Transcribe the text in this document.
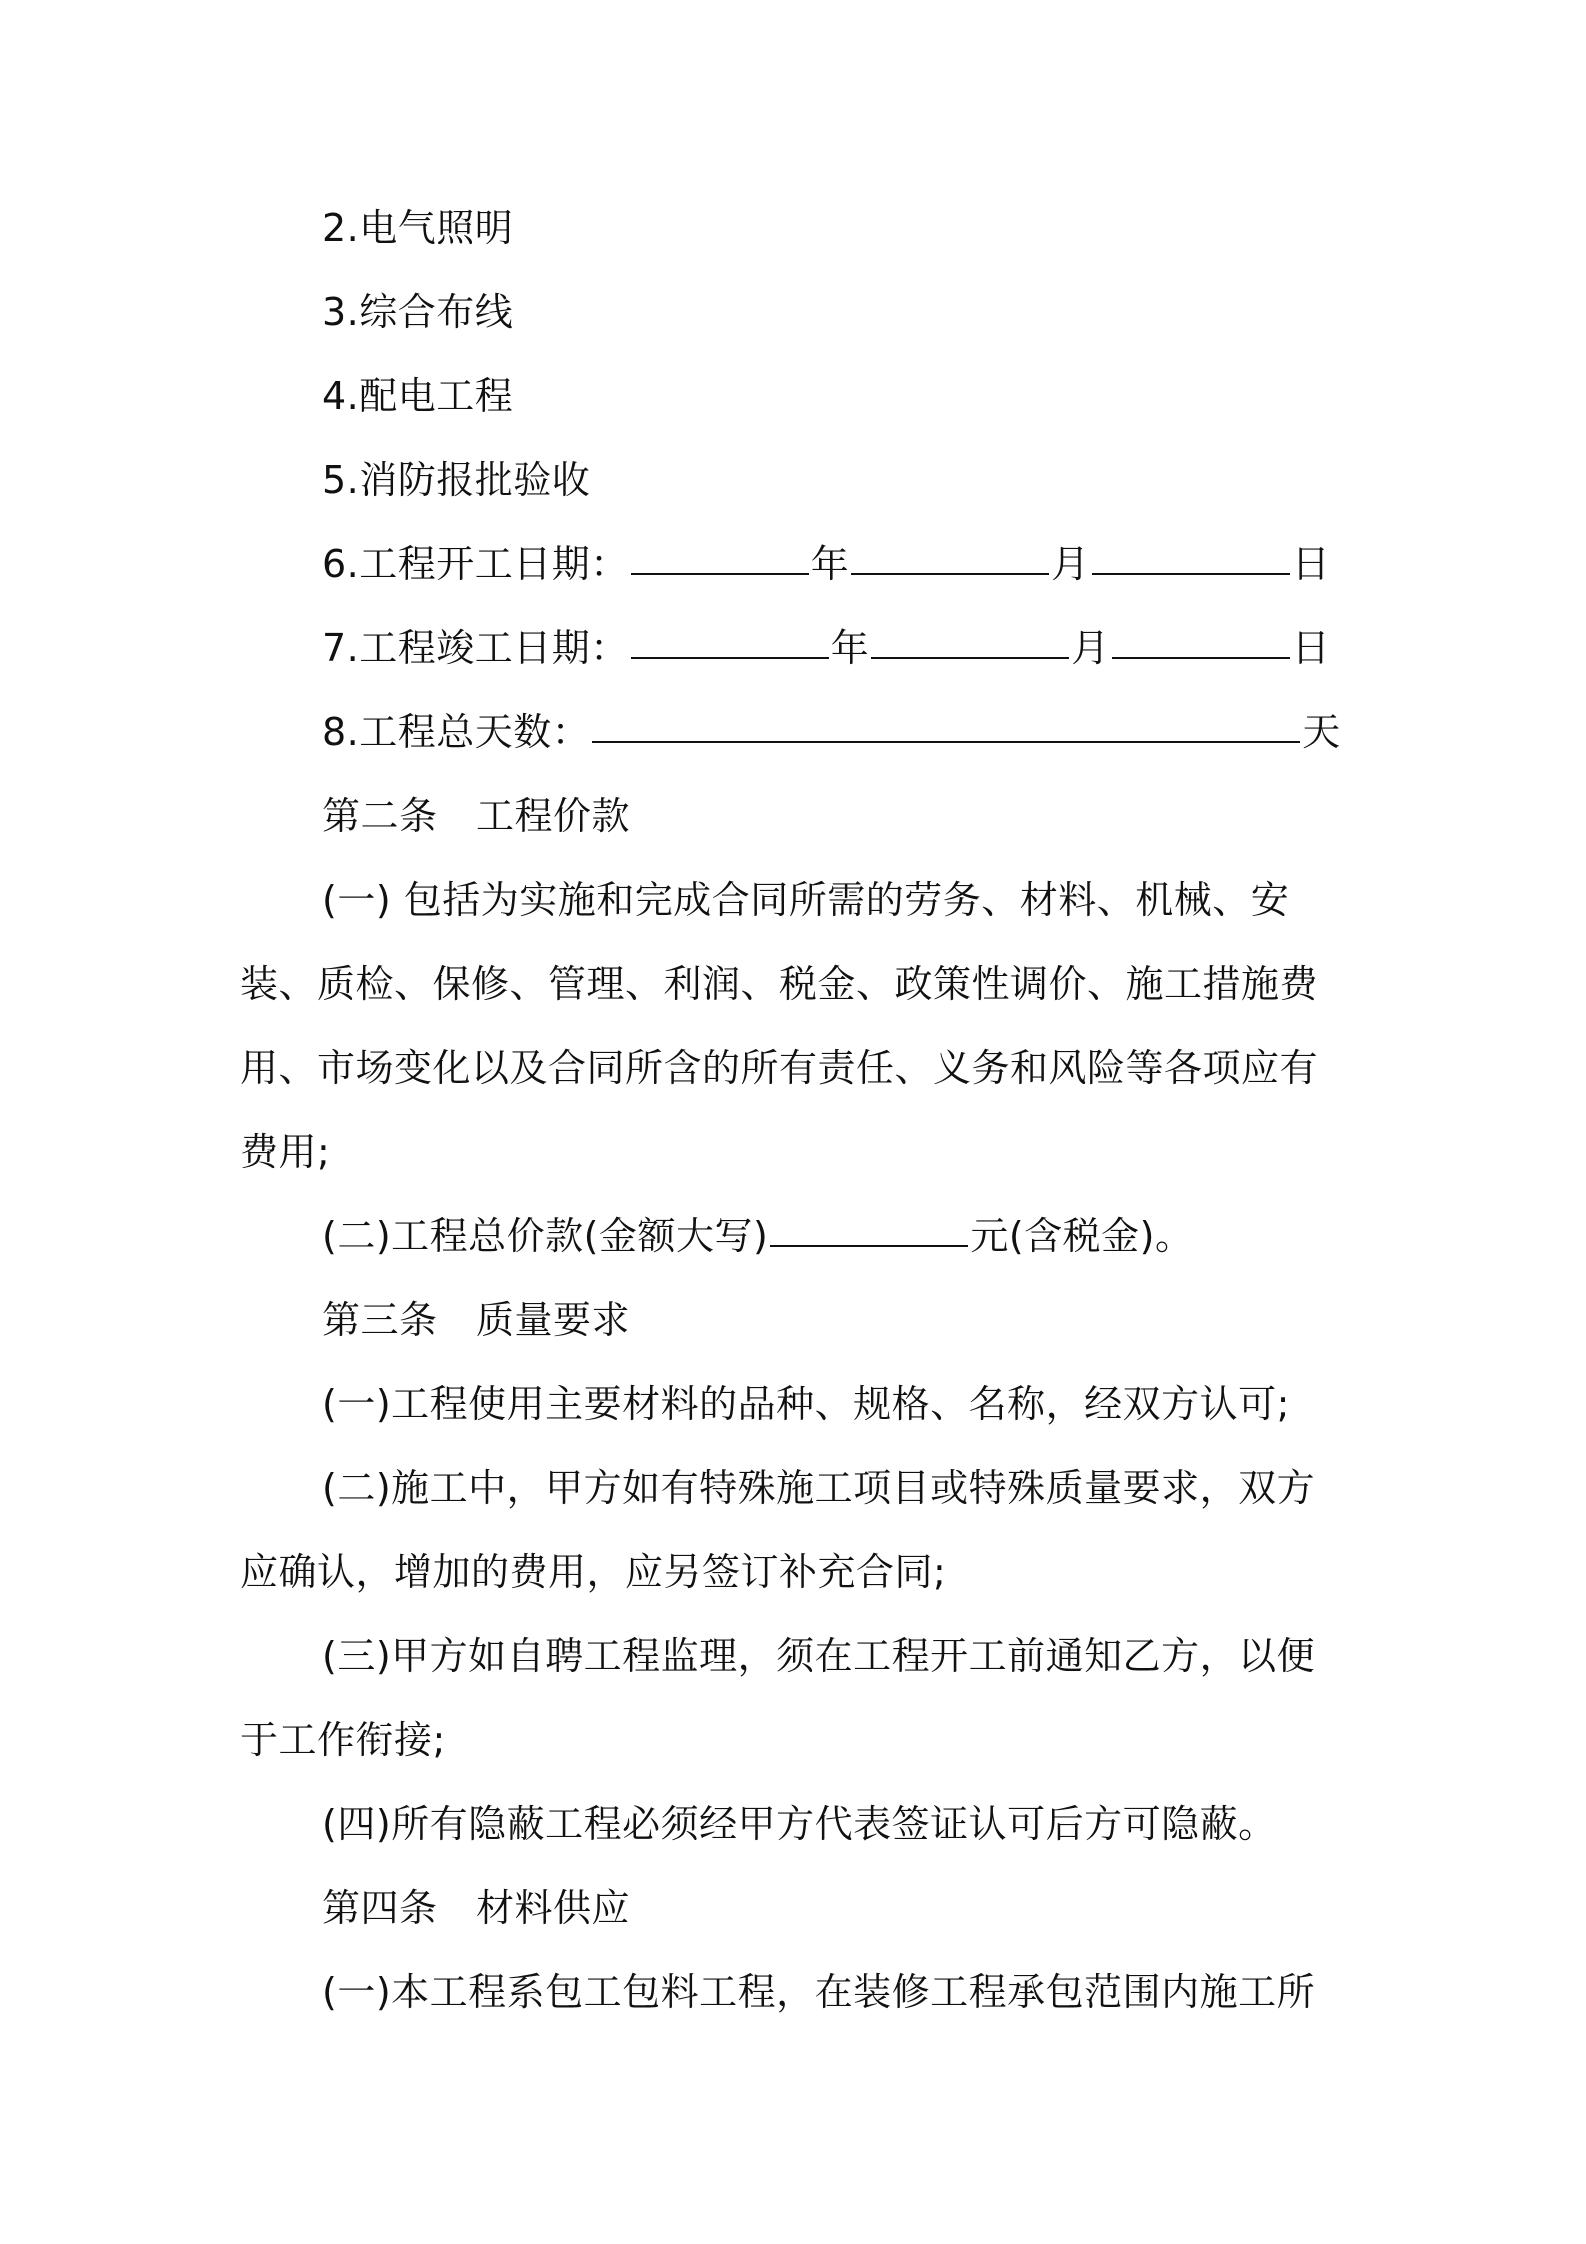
2.电气照明
3.综合布线
4.配电工程
5.消防报批验收
6.工程开工日期：	年	月	日
7.工程竣工日期：	年	月	日
8.工程总天数：	天
第二条　工程价款
(一) 包括为实施和完成合同所需的劳务、材料、机械、安
装、质检、保修、管理、利润、税金、政策性调价、施工措施费
用、市场变化以及合同所含的所有责任、义务和风险等各项应有
费用;
(二)工程总价款(金额大写)	元(含税金)。
第三条　质量要求
(一)工程使用主要材料的品种、规格、名称，经双方认可;
(二)施工中，甲方如有特殊施工项目或特殊质量要求，双方
应确认，增加的费用，应另签订补充合同;
(三)甲方如自聘工程监理，须在工程开工前通知乙方，以便
于工作衔接;
(四)所有隐蔽工程必须经甲方代表签证认可后方可隐蔽。
第四条　材料供应
(一)本工程系包工包料工程，在装修工程承包范围内施工所
